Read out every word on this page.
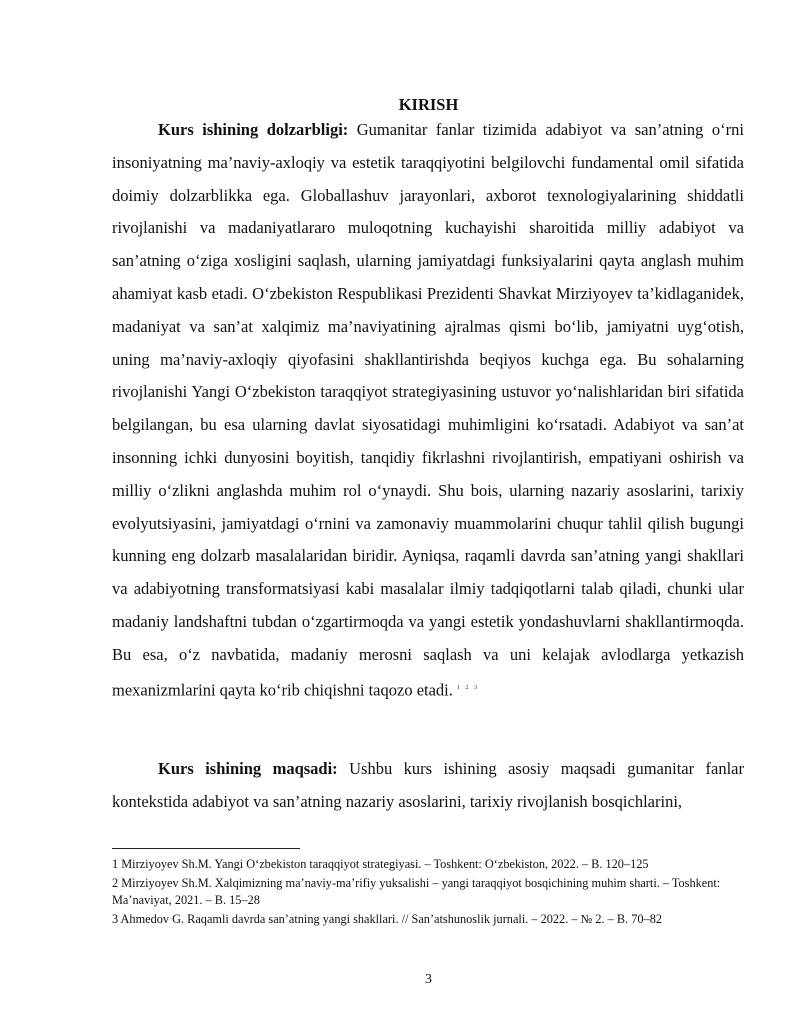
KIRISH

Kurs ishining dolzarbligi: Gumanitar fanlar tizimida adabiyot va san’atning o‘rni insoniyatning ma’naviy-axloqiy va estetik taraqqiyotini belgilovchi fundamental omil sifatida doimiy dolzarblikka ega. Globallashuv jarayonlari, axborot texnologiyalarining shiddatli rivojlanishi va madaniyatlararo muloqotning kuchayishi sharoitida milliy adabiyot va san’atning o‘ziga xosligini saqlash, ularning jamiyatdagi funksiyalarini qayta anglash muhim ahamiyat kasb etadi. O‘zbekiston Respublikasi Prezidenti Shavkat Mirziyoyev ta’kidlaganidek, madaniyat va san’at xalqimiz ma’naviyatining ajralmas qismi bo‘lib, jamiyatni uyg‘otish, uning ma’naviy-axloqiy qiyofasini shakllantirishda beqiyos kuchga ega. Bu sohalarning rivojlanishi Yangi O‘zbekiston taraqqiyot strategiyasining ustuvor yo‘nalishlaridan biri sifatida belgilangan, bu esa ularning davlat siyosatidagi muhimligini ko‘rsatadi. Adabiyot va san’at insonning ichki dunyosini boyitish, tanqidiy fikrlashni rivojlantirish, empatiyani oshirish va milliy o‘zlikni anglashda muhim rol o‘ynaydi. Shu bois, ularning nazariy asoslarini, tarixiy evolyutsiyasini, jamiyatdagi o‘rnini va zamonaviy muammolarini chuqur tahlil qilish bugungi kunning eng dolzarb masalalaridan biridir. Ayniqsa, raqamli davrda san’atning yangi shakllari va adabiyotning transformatsiyasi kabi masalalar ilmiy tadqiqotlarni talab qiladi, chunki ular madaniy landshaftni tubdan o‘zgartirmoqda va yangi estetik yondashuvlarni shakllantirmoqda. Bu esa, o‘z navbatida, madaniy merosni saqlash va uni kelajak avlodlarga yetkazish mexanizmlarini qayta ko‘rib chiqishni taqozo etadi. $^{1 2 3}$

Kurs ishining maqsadi: Ushbu kurs ishining asosiy maqsadi gumanitar fanlar kontekstida adabiyot va san’atning nazariy asoslarini, tarixiy rivojlanish bosqichlarini,

1 Mirziyoyev Sh.M. Yangi O‘zbekiston taraqqiyot strategiyasi. – Toshkent: O‘zbekiston, 2022. – B. 120–125

2 Mirziyoyev Sh.M. Xalqimizning ma’naviy-ma’rifiy yuksalishi – yangi taraqqiyot bosqichining muhim sharti. – Toshkent: Ma’naviyat, 2021. – B. 15–28

3 Ahmedov G. Raqamli davrda san’atning yangi shakllari. // San’atshunoslik jurnali. – 2022. – № 2. – B. 70–82

3
